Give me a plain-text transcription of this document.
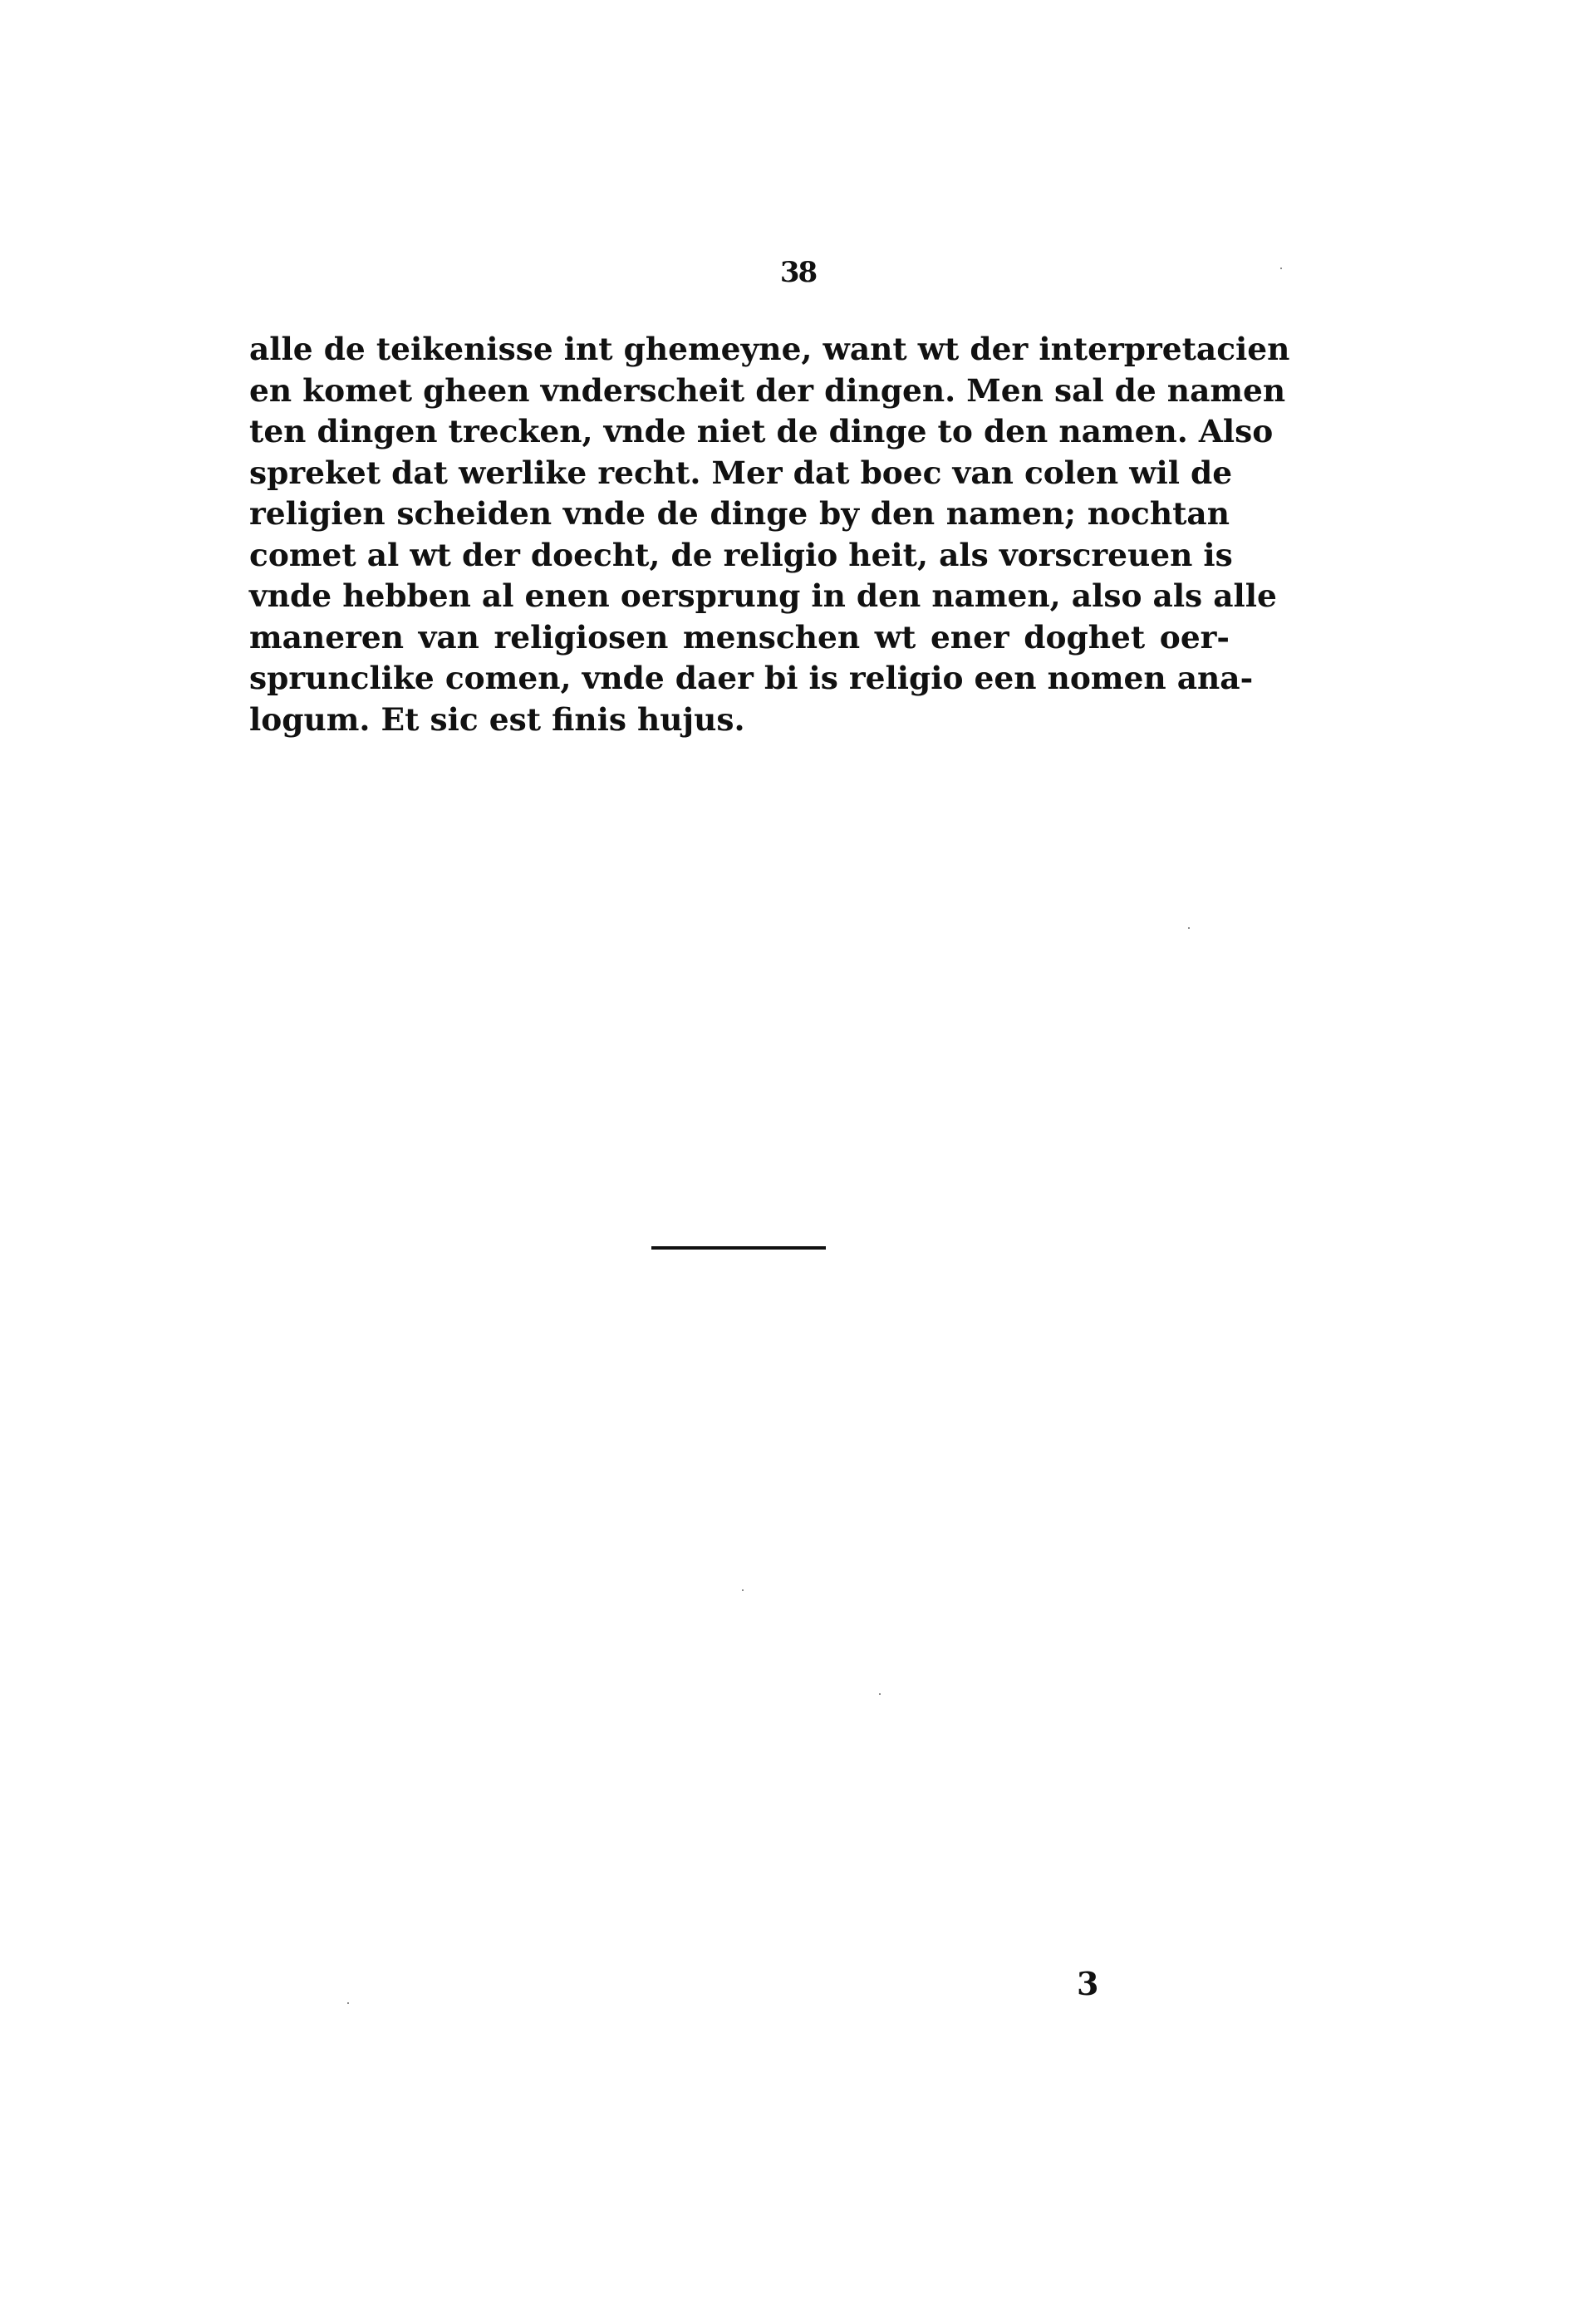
38
alle de teikenisse int ghemeyne, want wt der interpretacien
en komet gheen vnderscheit der dingen. Men sal de namen
ten dingen trecken, vnde niet de dinge to den namen. Also
spreket dat werlike recht. Mer dat boec van colen wil de
religien scheiden vnde de dinge by den namen; nochtan
comet al wt der doecht, de religio heit, als vorscreuen is
vnde hebben al enen oersprung in den namen, also als alle
maneren van religiosen menschen wt ener doghet oer-
sprunclike comen, vnde daer bi is religio een nomen ana-
logum. Et sic est finis hujus.
3
